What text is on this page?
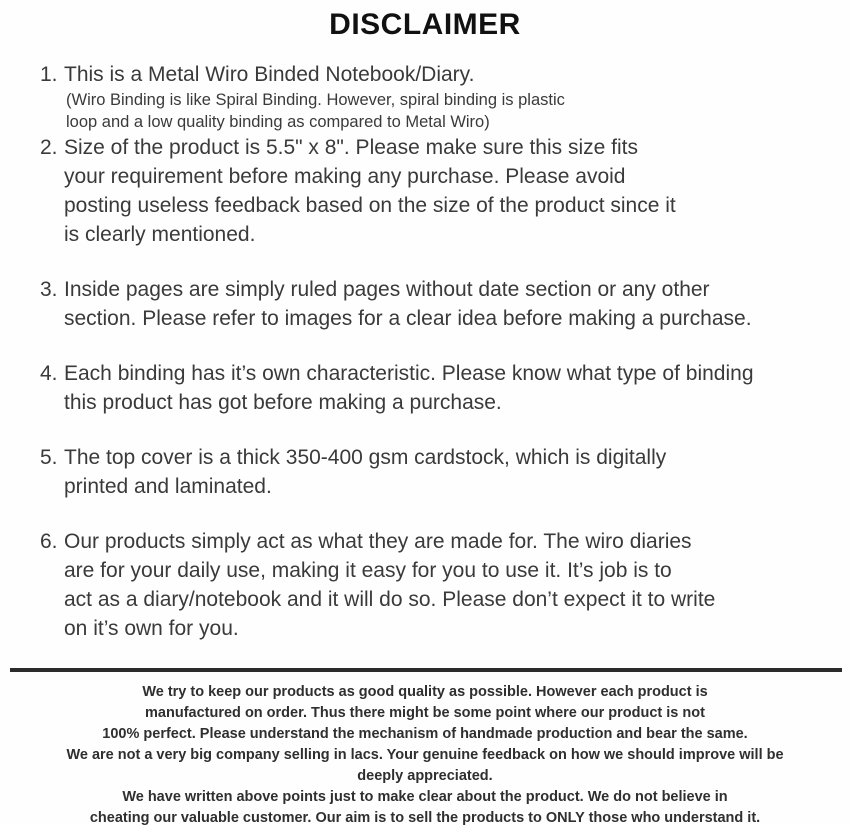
DISCLAIMER
1. This is a Metal Wiro Binded Notebook/Diary.
(Wiro Binding is like Spiral Binding. However, spiral binding is plastic
loop and a low quality binding as compared to Metal Wiro)
2. Size of the product is 5.5" x 8". Please make sure this size fits
your requirement before making any purchase. Please avoid
posting useless feedback based on the size of the product since it
is clearly mentioned.
3. Inside pages are simply ruled pages without date section or any other
section. Please refer to images for a clear idea before making a purchase.
4. Each binding has it’s own characteristic. Please know what type of binding
this product has got before making a purchase.
5. The top cover is a thick 350-400 gsm cardstock, which is digitally
printed and laminated.
6. Our products simply act as what they are made for. The wiro diaries
are for your daily use, making it easy for you to use it. It’s job is to
act as a diary/notebook and it will do so. Please don’t expect it to write
on it’s own for you.
We try to keep our products as good quality as possible. However each product is
manufactured on order. Thus there might be some point where our product is not
100% perfect. Please understand the mechanism of handmade production and bear the same.
We are not a very big company selling in lacs. Your genuine feedback on how we should improve will be
deeply appreciated.
We have written above points just to make clear about the product. We do not believe in
cheating our valuable customer. Our aim is to sell the products to ONLY those who understand it.
